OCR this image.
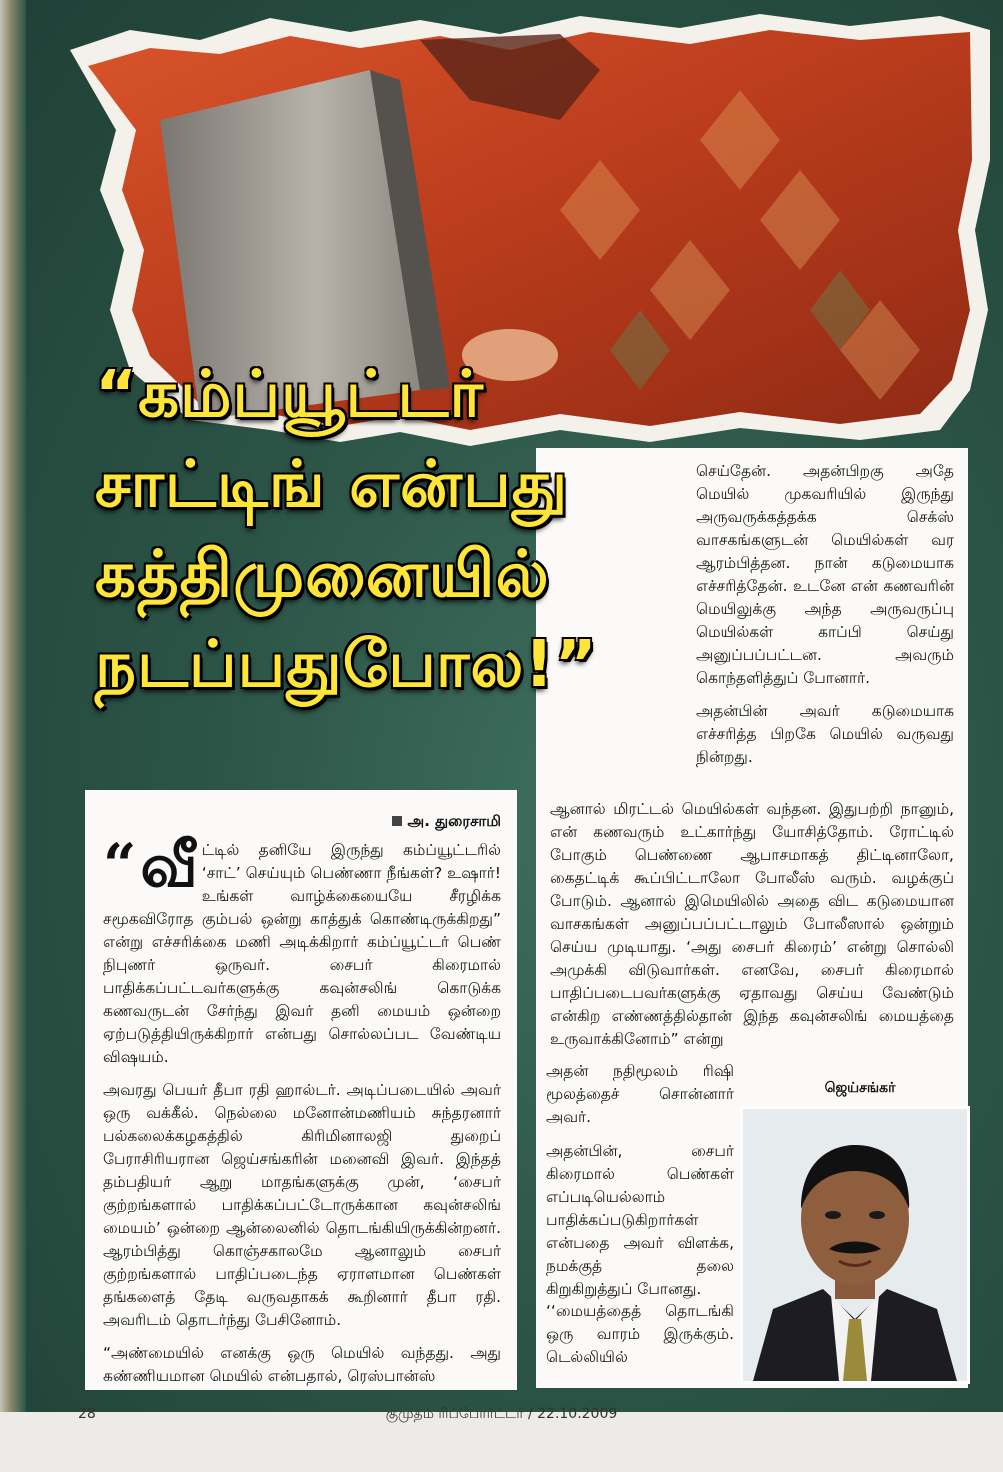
“கம்ப்யூட்டர்
சாட்டிங் என்பது
கத்திமுனையில்
நடப்பதுபோல!”

செய்தேன். அதன்பிறகு அதே மெயில் முகவரியில் இருந்து அருவருக்கத்தக்க செக்ஸ் வாசகங்களுடன் மெயில்கள் வர ஆரம்பித்தன. நான் கடுமையாக எச்சரித்தேன். உடனே என் கணவரின் மெயிலுக்கு அந்த அருவருப்பு மெயில்கள் காப்பி செய்து அனுப்பப்பட்டன. அவரும் கொந்தளித்துப் போனார்.

அதன்பின் அவர் கடுமையாக எச்சரித்த பிறகே மெயில் வருவது நின்றது.

அ. துரைசாமி
“ வீ ட்டில் தனியே இருந்து கம்ப்யூட்டரில் ‘சாட்’ செய்யும் பெண்ணா நீங்கள்? உஷார்! உங்கள் வாழ்க்கையையே சீரழிக்க சமூகவிரோத கும்பல் ஒன்று காத்துக் கொண்டிருக்கிறது” என்று எச்சரிக்கை மணி அடிக்கிறார் கம்ப்யூட்டர் பெண் நிபுணர் ஒருவர். சைபர் கிரைமால் பாதிக்கப்பட்டவர்களுக்கு கவுன்சலிங் கொடுக்க கணவருடன் சேர்ந்து இவர் தனி மையம் ஒன்றை ஏற்படுத்தியிருக்கிறார் என்பது சொல்லப்பட வேண்டிய விஷயம்.

அவரது பெயர் தீபா ரதி ஹால்டர். அடிப்படையில் அவர் ஒரு வக்கீல். நெல்லை மனோன்மணியம் சுந்தரனார் பல்கலைக்கழகத்தில் கிரிமினாலஜி துறைப் பேராசிரியரான ஜெய்சங்கரின் மனைவி இவர். இந்தத் தம்பதியர் ஆறு மாதங்களுக்கு முன், ‘சைபர் குற்றங்களால் பாதிக்கப்பட்டோருக்கான கவுன்சலிங் மையம்’ ஒன்றை ஆன்லைனில் தொடங்கியிருக்கின்றனர். ஆரம்பித்து கொஞ்சகாலமே ஆனாலும் சைபர் குற்றங்களால் பாதிப்படைந்த ஏராளமான பெண்கள் தங்களைத் தேடி வருவதாகக் கூறினார் தீபா ரதி. அவரிடம் தொடர்ந்து பேசினோம்.

“அண்மையில் எனக்கு ஒரு மெயில் வந்தது. அது கண்ணியமான மெயில் என்பதால், ரெஸ்பான்ஸ்

ஆனால் மிரட்டல் மெயில்கள் வந்தன. இதுபற்றி நானும், என் கணவரும் உட்கார்ந்து யோசித்தோம். ரோட்டில் போகும் பெண்ணை ஆபாசமாகத் திட்டினாலோ, கைதட்டிக் கூப்பிட்டாலோ போலீஸ் வரும். வழக்குப் போடும். ஆனால் இமெயிலில் அதை விட கடுமையான வாசகங்கள் அனுப்பப்பட்டாலும் போலீஸால் ஒன்றும் செய்ய முடியாது. ‘அது சைபர் கிரைம்’ என்று சொல்லி அமுக்கி விடுவார்கள். எனவே, சைபர் கிரைமால் பாதிப்படைபவர்களுக்கு ஏதாவது செய்ய வேண்டும் என்கிற எண்ணத்தில்தான் இந்த கவுன்சலிங் மையத்தை உருவாக்கினோம்” என்று

அதன் நதிமூலம் ரிஷி மூலத்தைச் சொன்னார் அவர்.
அதன்பின், சைபர் கிரைமால் பெண்கள் எப்படியெல்லாம் பாதிக்கப்படுகிறார்கள் என்பதை அவர் விளக்க, நமக்குத் தலை கிறுகிறுத்துப் போனது.
‘‘மையத்தைத் தொடங்கி ஒரு வாரம் இருக்கும். டெல்லியில்
ஜெய்சங்கர்
28	குமுதம் ரிப்போர்ட்டர் / 22.10.2009
